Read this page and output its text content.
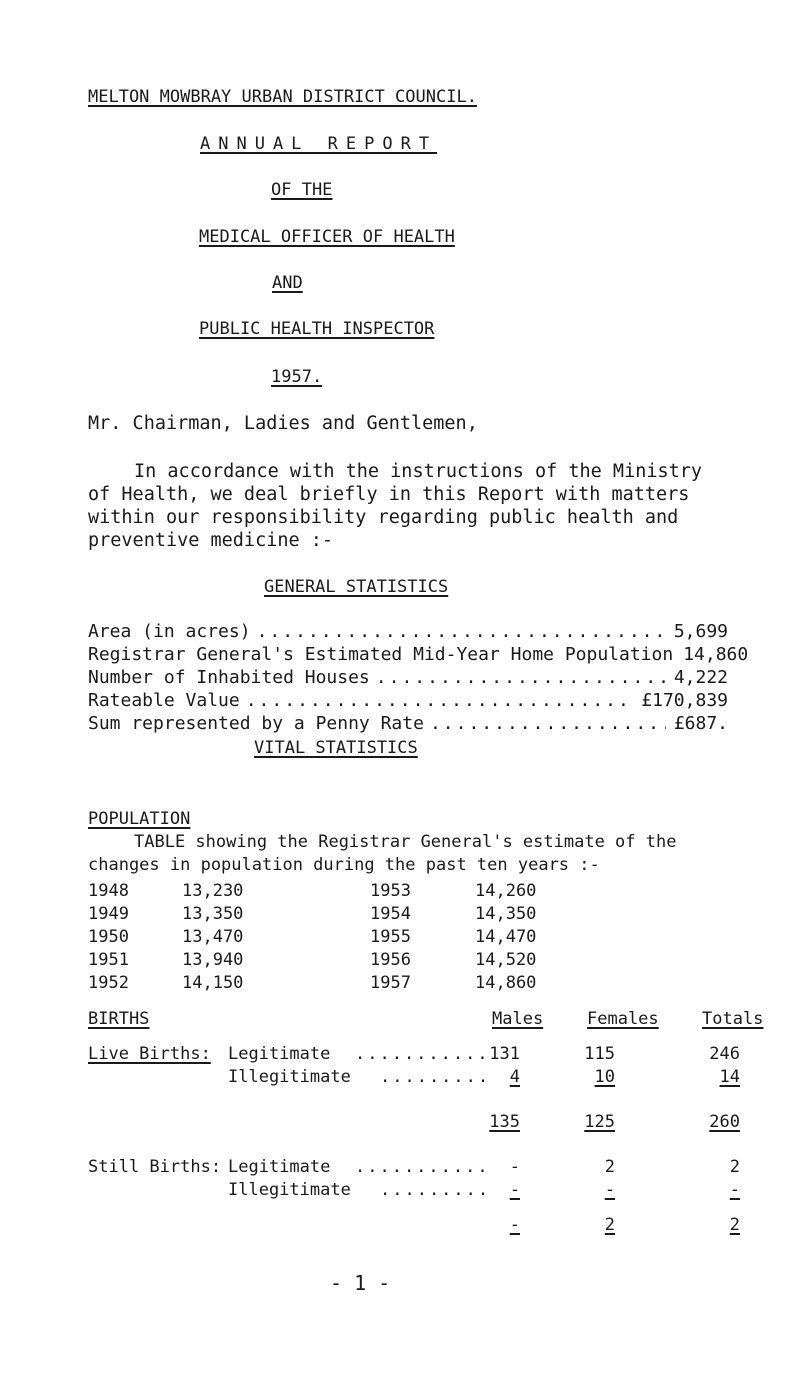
MELTON MOWBRAY URBAN DISTRICT COUNCIL.
ANNUAL REPORT
OF THE
MEDICAL OFFICER OF HEALTH
AND
PUBLIC HEALTH INSPECTOR
1957.
Mr. Chairman, Ladies and Gentlemen,
In accordance with the instructions of the Ministry of Health, we deal briefly in this Report with matters within our responsibility regarding public health and preventive medicine :-
GENERAL STATISTICS
Area (in acres) .....	5,699
Registrar General's Estimated Mid-Year Home Population 14,860
Number of Inhabited Houses .....	4,222
Rateable Value .....	£170,839
Sum represented by a Penny Rate .....	£687.
VITAL STATISTICS
POPULATION
TABLE showing the Registrar General's estimate of the
changes in population during the past ten years :-
1948	13,230	1953	14,260
1949	13,350	1954	14,350
1950	13,470	1955	14,470
1951	13,940	1956	14,520
1952	14,150	1957	14,860
BIRTHS	Males	Females	Totals
Live Births: Legitimate ........... 131	115	246
Illegitimate .........	4	10	14
135	125	260
Still Births: Legitimate ...........	-	2	2
Illegitimate .........	-	-	-
-	2	2
- 1 -
